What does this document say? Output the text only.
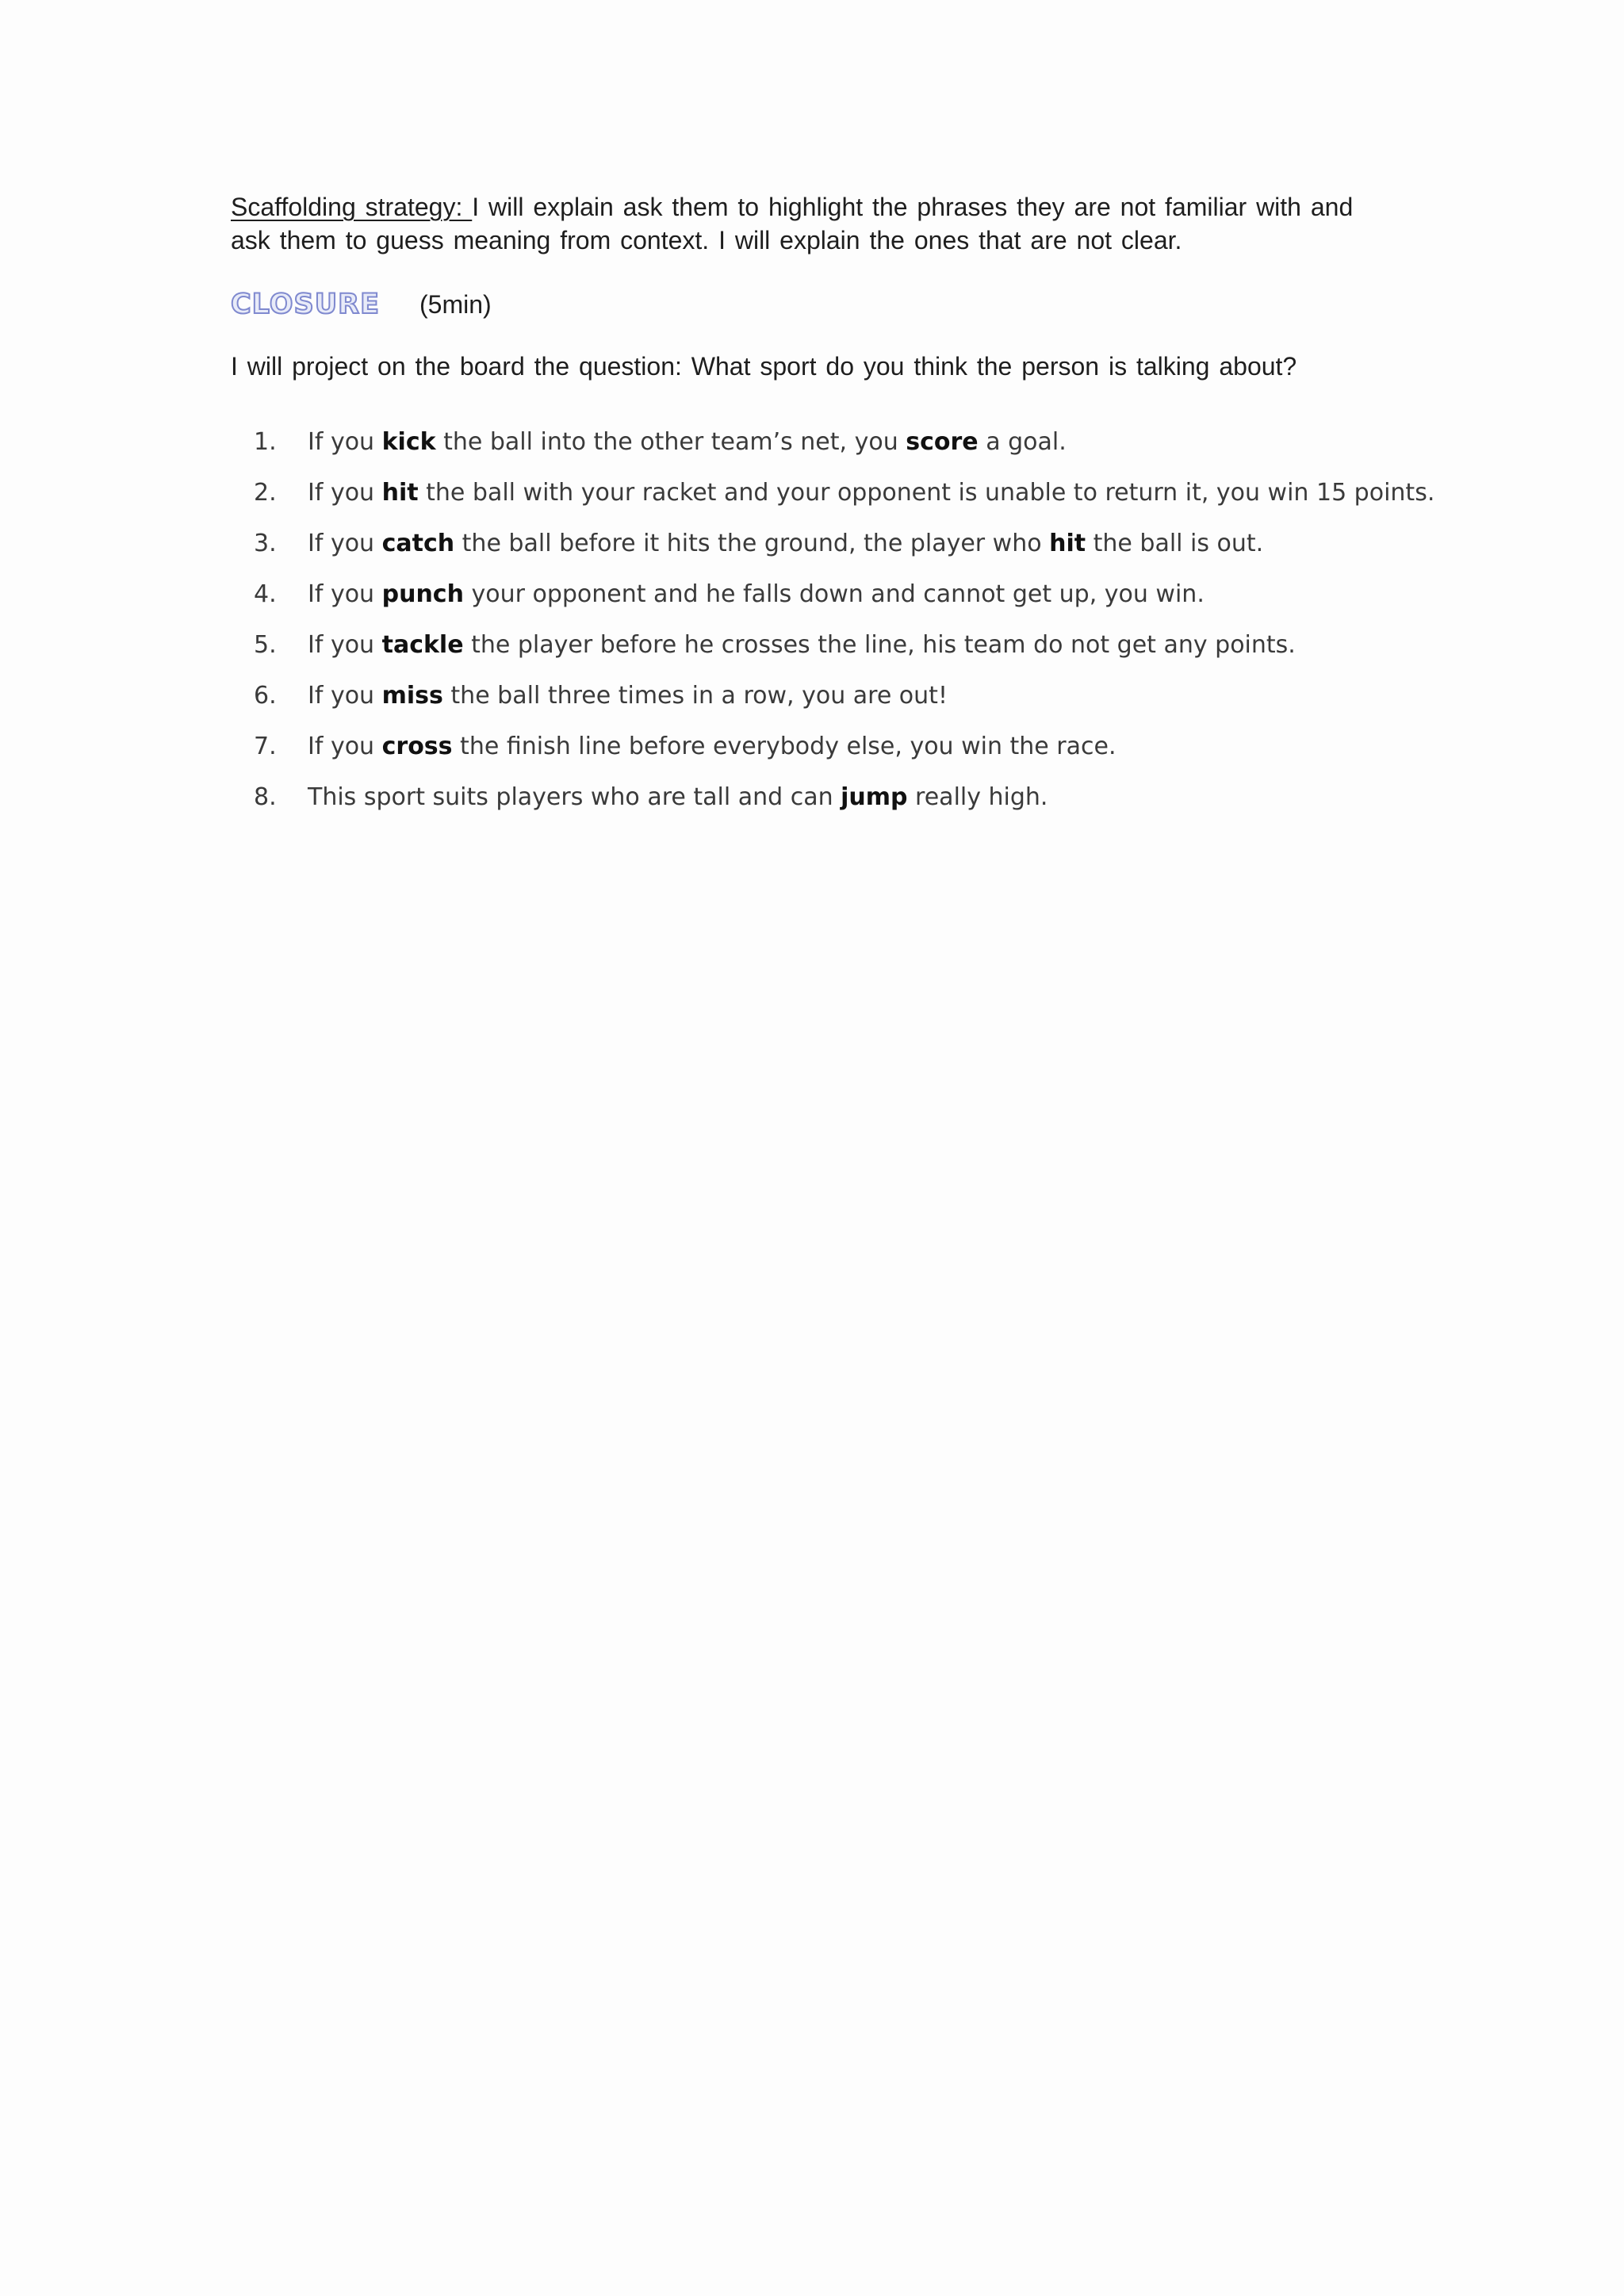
Scaffolding strategy: I will explain ask them to highlight the phrases they are not familiar with and ask them to guess meaning from context. I will explain the ones that are not clear.
CLOSURE (5min)
I will project on the board the question: What sport do you think the person is talking about?
1.	If you kick the ball into the other team’s net, you score a goal.
2.	If you hit the ball with your racket and your opponent is unable to return it, you win 15 points.
3.	If you catch the ball before it hits the ground, the player who hit the ball is out.
4.	If you punch your opponent and he falls down and cannot get up, you win.
5.	If you tackle the player before he crosses the line, his team do not get any points.
6.	If you miss the ball three times in a row, you are out!
7.	If you cross the finish line before everybody else, you win the race.
8.	This sport suits players who are tall and can jump really high.
